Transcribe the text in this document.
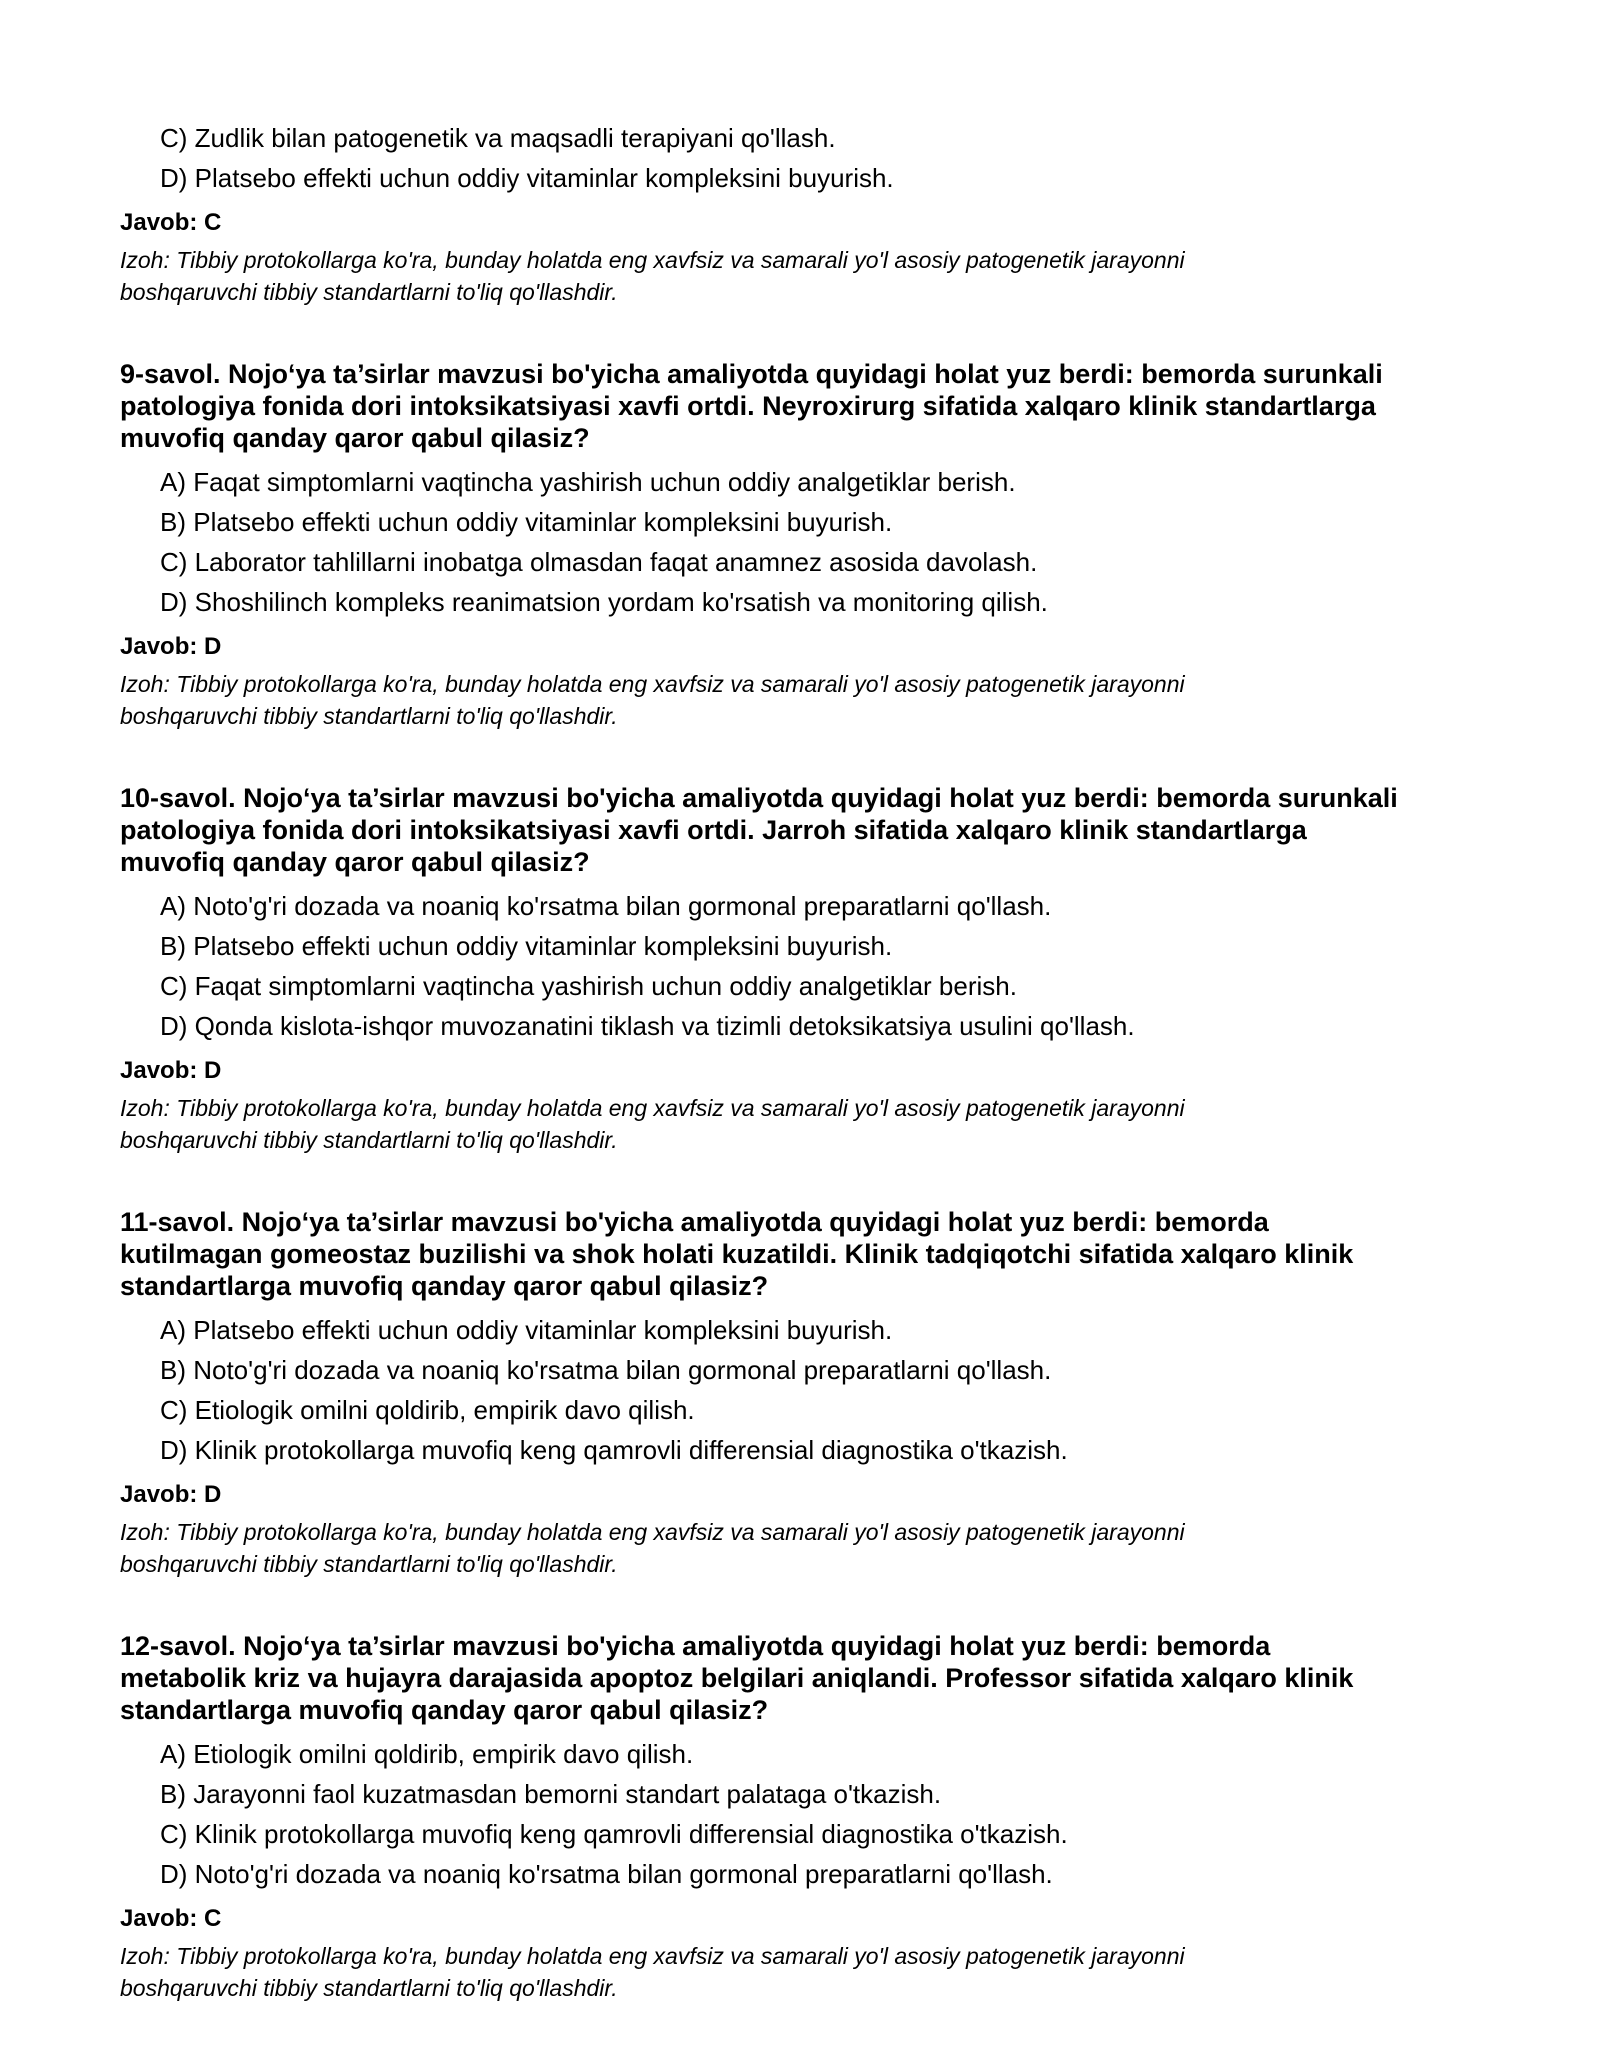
C) Zudlik bilan patogenetik va maqsadli terapiyani qo'llash.
D) Platsebo effekti uchun oddiy vitaminlar kompleksini buyurish.
Javob: C
Izoh: Tibbiy protokollarga ko'ra, bunday holatda eng xavfsiz va samarali yo'l asosiy patogenetik jarayonni
boshqaruvchi tibbiy standartlarni to'liq qo'llashdir.
9-savol. Nojo‘ya ta’sirlar mavzusi bo'yicha amaliyotda quyidagi holat yuz berdi: bemorda surunkali
patologiya fonida dori intoksikatsiyasi xavfi ortdi. Neyroxirurg sifatida xalqaro klinik standartlarga
muvofiq qanday qaror qabul qilasiz?
A) Faqat simptomlarni vaqtincha yashirish uchun oddiy analgetiklar berish.
B) Platsebo effekti uchun oddiy vitaminlar kompleksini buyurish.
C) Laborator tahlillarni inobatga olmasdan faqat anamnez asosida davolash.
D) Shoshilinch kompleks reanimatsion yordam ko'rsatish va monitoring qilish.
Javob: D
Izoh: Tibbiy protokollarga ko'ra, bunday holatda eng xavfsiz va samarali yo'l asosiy patogenetik jarayonni
boshqaruvchi tibbiy standartlarni to'liq qo'llashdir.
10-savol. Nojo‘ya ta’sirlar mavzusi bo'yicha amaliyotda quyidagi holat yuz berdi: bemorda surunkali
patologiya fonida dori intoksikatsiyasi xavfi ortdi. Jarroh sifatida xalqaro klinik standartlarga
muvofiq qanday qaror qabul qilasiz?
A) Noto'g'ri dozada va noaniq ko'rsatma bilan gormonal preparatlarni qo'llash.
B) Platsebo effekti uchun oddiy vitaminlar kompleksini buyurish.
C) Faqat simptomlarni vaqtincha yashirish uchun oddiy analgetiklar berish.
D) Qonda kislota-ishqor muvozanatini tiklash va tizimli detoksikatsiya usulini qo'llash.
Javob: D
Izoh: Tibbiy protokollarga ko'ra, bunday holatda eng xavfsiz va samarali yo'l asosiy patogenetik jarayonni
boshqaruvchi tibbiy standartlarni to'liq qo'llashdir.
11-savol. Nojo‘ya ta’sirlar mavzusi bo'yicha amaliyotda quyidagi holat yuz berdi: bemorda
kutilmagan gomeostaz buzilishi va shok holati kuzatildi. Klinik tadqiqotchi sifatida xalqaro klinik
standartlarga muvofiq qanday qaror qabul qilasiz?
A) Platsebo effekti uchun oddiy vitaminlar kompleksini buyurish.
B) Noto'g'ri dozada va noaniq ko'rsatma bilan gormonal preparatlarni qo'llash.
C) Etiologik omilni qoldirib, empirik davo qilish.
D) Klinik protokollarga muvofiq keng qamrovli differensial diagnostika o'tkazish.
Javob: D
Izoh: Tibbiy protokollarga ko'ra, bunday holatda eng xavfsiz va samarali yo'l asosiy patogenetik jarayonni
boshqaruvchi tibbiy standartlarni to'liq qo'llashdir.
12-savol. Nojo‘ya ta’sirlar mavzusi bo'yicha amaliyotda quyidagi holat yuz berdi: bemorda
metabolik kriz va hujayra darajasida apoptoz belgilari aniqlandi. Professor sifatida xalqaro klinik
standartlarga muvofiq qanday qaror qabul qilasiz?
A) Etiologik omilni qoldirib, empirik davo qilish.
B) Jarayonni faol kuzatmasdan bemorni standart palataga o'tkazish.
C) Klinik protokollarga muvofiq keng qamrovli differensial diagnostika o'tkazish.
D) Noto'g'ri dozada va noaniq ko'rsatma bilan gormonal preparatlarni qo'llash.
Javob: C
Izoh: Tibbiy protokollarga ko'ra, bunday holatda eng xavfsiz va samarali yo'l asosiy patogenetik jarayonni
boshqaruvchi tibbiy standartlarni to'liq qo'llashdir.
